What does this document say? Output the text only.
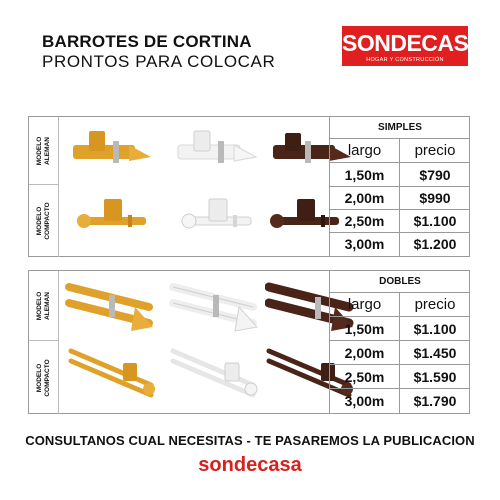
BARROTES DE CORTINA
PRONTOS PARA COLOCAR
SONDECASA
HOGAR Y CONSTRUCCIÓN
MODELO ALEMAN
MODELO COMPACTO
SIMPLES
largo	precio
1,50m	$790
2,00m	$990
2,50m	$1.100
3,00m	$1.200
MODELO ALEMAN
MODELO COMPACTO
DOBLES
largo	precio
1,50m	$1.100
2,00m	$1.450
2,50m	$1.590
3,00m	$1.790
CONSULTANOS CUAL NECESITAS - TE PASAREMOS LA PUBLICACION
sondecasa
